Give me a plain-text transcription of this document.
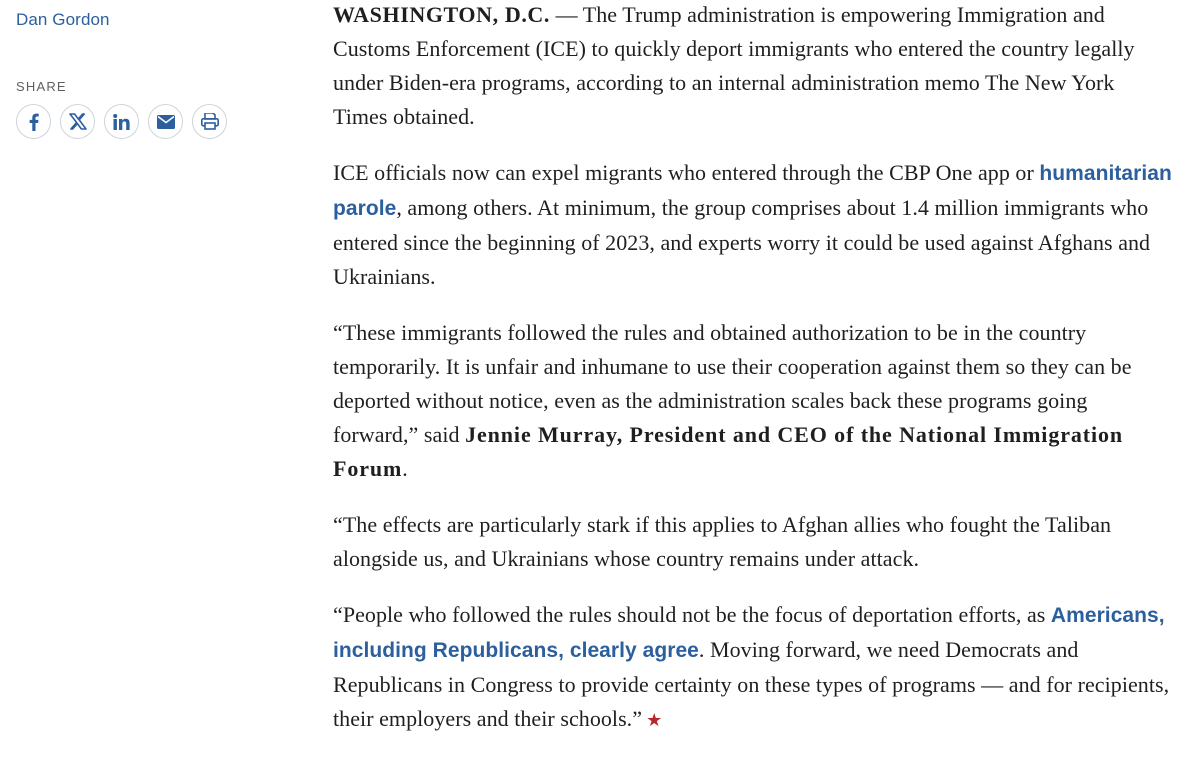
Dan Gordon
SHARE

WASHINGTON, D.C. — The Trump administration is empowering Immigration and Customs Enforcement (ICE) to quickly deport immigrants who entered the country legally under Biden-era programs, according to an internal administration memo The New York Times obtained.

ICE officials now can expel migrants who entered through the CBP One app or humanitarian parole, among others. At minimum, the group comprises about 1.4 million immigrants who entered since the beginning of 2023, and experts worry it could be used against Afghans and Ukrainians.

“These immigrants followed the rules and obtained authorization to be in the country temporarily. It is unfair and inhumane to use their cooperation against them so they can be deported without notice, even as the administration scales back these programs going forward,” said Jennie Murray, President and CEO of the National Immigration Forum.

“The effects are particularly stark if this applies to Afghan allies who fought the Taliban alongside us, and Ukrainians whose country remains under attack.

“People who followed the rules should not be the focus of deportation efforts, as Americans, including Republicans, clearly agree. Moving forward, we need Democrats and Republicans in Congress to provide certainty on these types of programs — and for recipients, their employers and their schools.” ★
